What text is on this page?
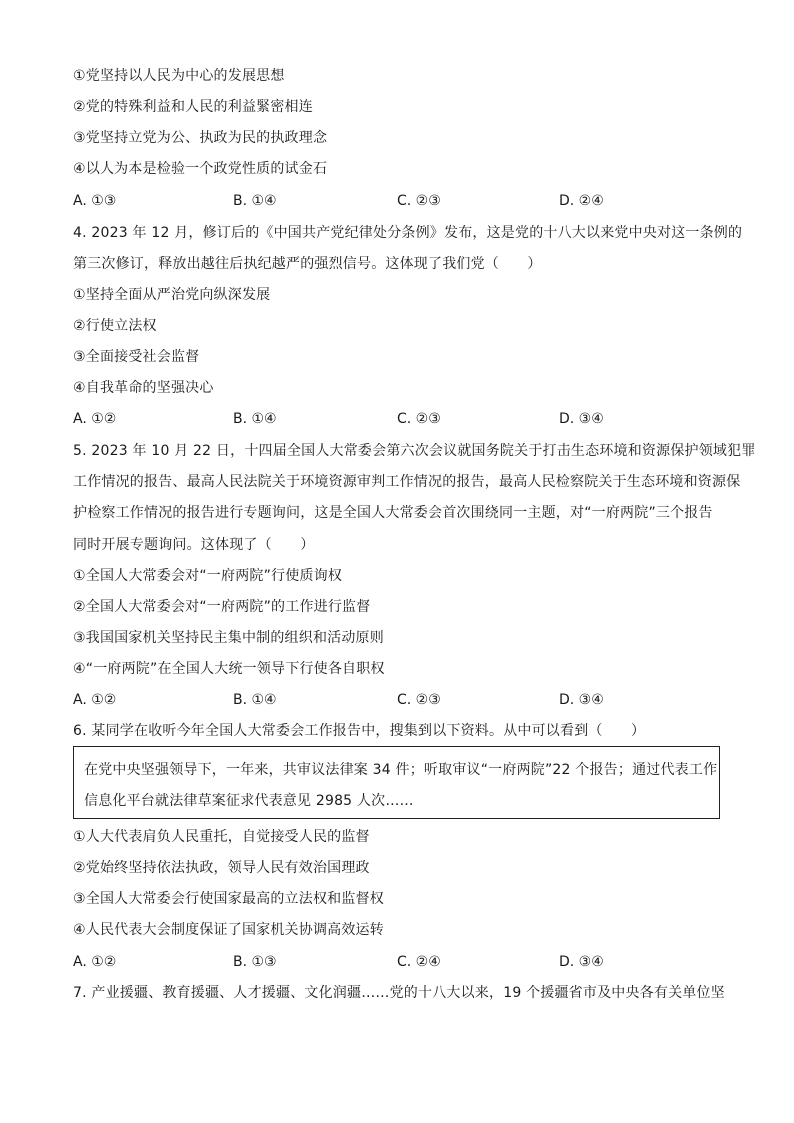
①党坚持以人民为中心的发展思想
②党的特殊利益和人民的利益緊密相连
③党坚持立党为公、执政为民的执政理念
④以人为本是检验一个政党性质的试金石
A. ①③	B. ①④	C. ②③	D. ②④
4. 2023 年 12 月，修订后的《中国共产党纪律处分条例》发布，这是党的十八大以来党中央对这一条例的
第三次修订，释放出越往后执纪越严的强烈信号。这体现了我们党（　　）
①坚持全面从严治党向纵深发展
②行使立法权
③全面接受社会监督
④自我革命的坚强决心
A. ①②	B. ①④	C. ②③	D. ③④
5. 2023 年 10 月 22 日，十四届全国人大常委会第六次会议就国务院关于打击生态环境和资源保护领域犯罪
工作情况的报告、最高人民法院关于环境资源审判工作情况的报告，最高人民检察院关于生态环境和资源保
护检察工作情况的报告进行专题询问，这是全国人大常委会首次围绕同一主题，对“一府两院”三个报告
同时开展专题询问。这体现了（　　）
①全国人大常委会对“一府两院”行使质询权
②全国人大常委会对“一府两院”的工作进行监督
③我国国家机关坚持民主集中制的组织和活动原则
④“一府两院”在全国人大统一领导下行使各自职权
A. ①②	B. ①④	C. ②③	D. ③④
6. 某同学在收听今年全国人大常委会工作报告中，搜集到以下资料。从中可以看到（　　）
在党中央坚强领导下，一年来，共审议法律案 34 件；听取审议“一府两院”22 个报告；通过代表工作
信息化平台就法律草案征求代表意见 2985 人次……
①人大代表肩负人民重托，自觉接受人民的监督
②党始终坚持依法执政，领导人民有效治国理政
③全国人大常委会行使国家最高的立法权和监督权
④人民代表大会制度保证了国家机关协调高效运转
A. ①②	B. ①③	C. ②④	D. ③④
7. 产业援疆、教育援疆、人才援疆、文化润疆……党的十八大以来，19 个援疆省市及中央各有关单位坚
